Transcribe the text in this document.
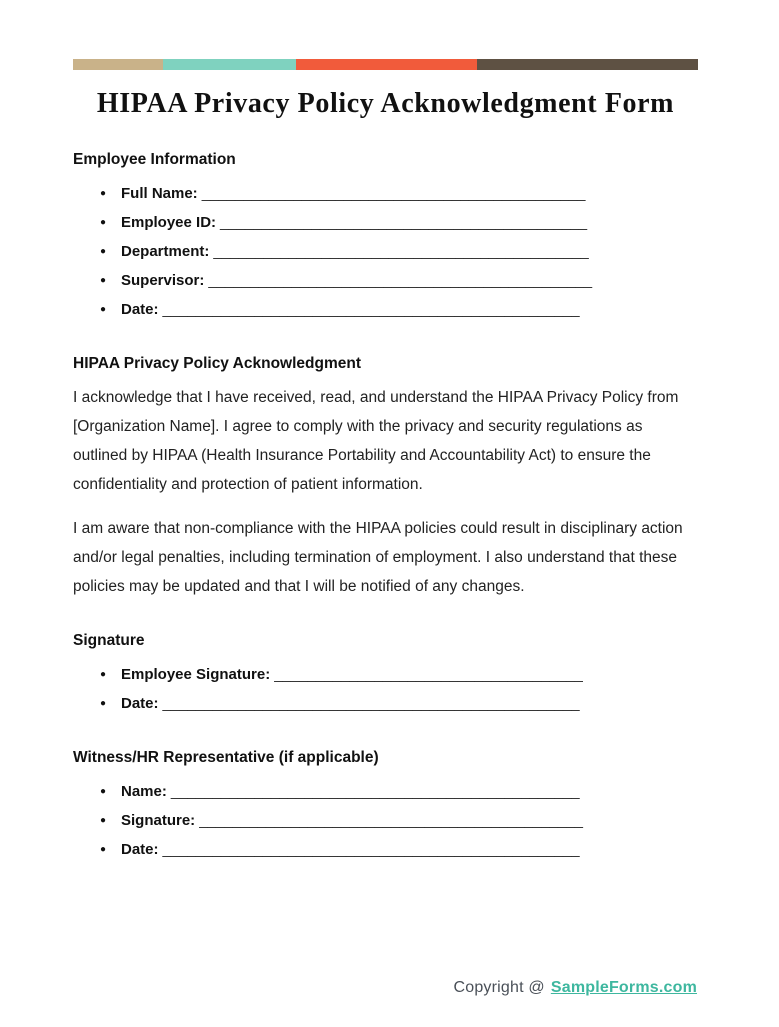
HIPAA Privacy Policy Acknowledgment Form
Employee Information
● Full Name: ______________________________________________
● Employee ID: ____________________________________________
● Department: _____________________________________________
● Supervisor: ______________________________________________
● Date: __________________________________________________
HIPAA Privacy Policy Acknowledgment

I acknowledge that I have received, read, and understand the HIPAA Privacy Policy from [Organization Name]. I agree to comply with the privacy and security regulations as outlined by HIPAA (Health Insurance Portability and Accountability Act) to ensure the confidentiality and protection of patient information.

I am aware that non-compliance with the HIPAA policies could result in disciplinary action and/or legal penalties, including termination of employment. I also understand that these policies may be updated and that I will be notified of any changes.

Signature
● Employee Signature: _____________________________________
● Date: __________________________________________________
Witness/HR Representative (if applicable)
● Name: _________________________________________________
● Signature: ______________________________________________
● Date: __________________________________________________
Copyright @ SampleForms.com
